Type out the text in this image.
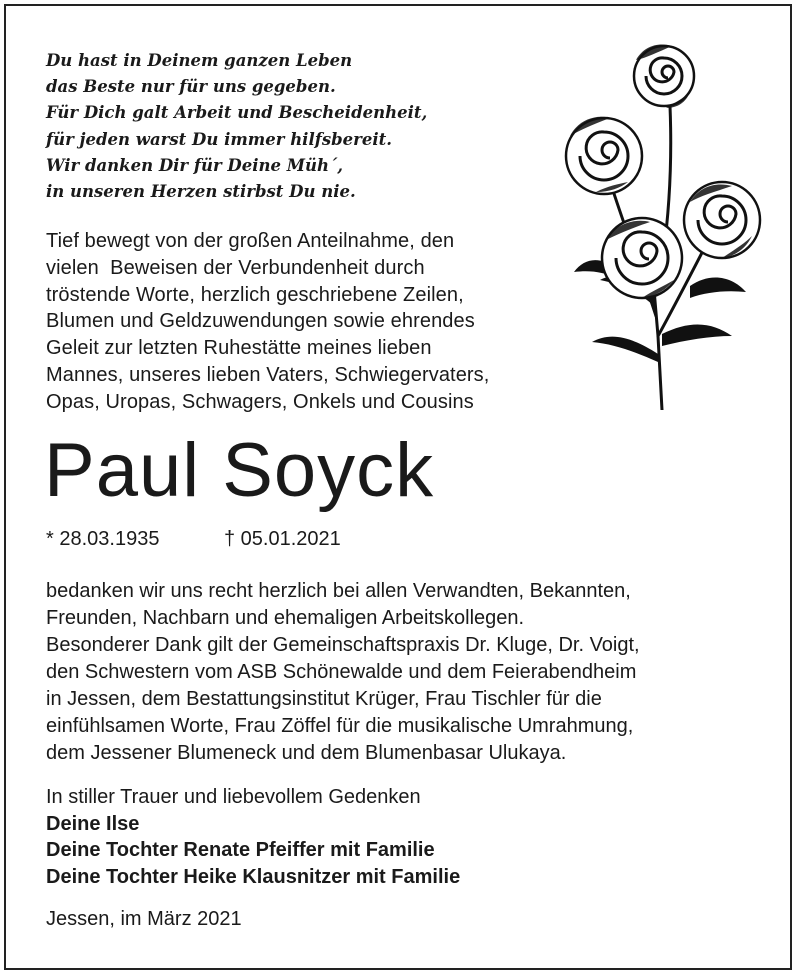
Du hast in Deinem ganzen Leben
das Beste nur für uns gegeben.
Für Dich galt Arbeit und Bescheidenheit,
für jeden warst Du immer hilfsbereit.
Wir danken Dir für Deine Müh´,
in unseren Herzen stirbst Du nie.
Tief bewegt von der großen Anteilnahme, den
vielen  Beweisen der Verbundenheit durch
tröstende Worte, herzlich geschriebene Zeilen,
Blumen und Geldzuwendungen sowie ehrendes
Geleit zur letzten Ruhestätte meines lieben
Mannes, unseres lieben Vaters, Schwiegervaters,
Opas, Uropas, Schwagers, Onkels und Cousins
Paul Soyck
* 28.03.1935	† 05.01.2021
bedanken wir uns recht herzlich bei allen Verwandten, Bekannten,
Freunden, Nachbarn und ehemaligen Arbeitskollegen.
Besonderer Dank gilt der Gemeinschaftspraxis Dr. Kluge, Dr. Voigt,
den Schwestern vom ASB Schönewalde und dem Feierabendheim
in Jessen, dem Bestattungsinstitut Krüger, Frau Tischler für die
einfühlsamen Worte, Frau Zöffel für die musikalische Umrahmung,
dem Jessener Blumeneck und dem Blumenbasar Ulukaya.
In stiller Trauer und liebevollem Gedenken
Deine Ilse
Deine Tochter Renate Pfeiffer mit Familie
Deine Tochter Heike Klausnitzer mit Familie
Jessen, im März 2021
